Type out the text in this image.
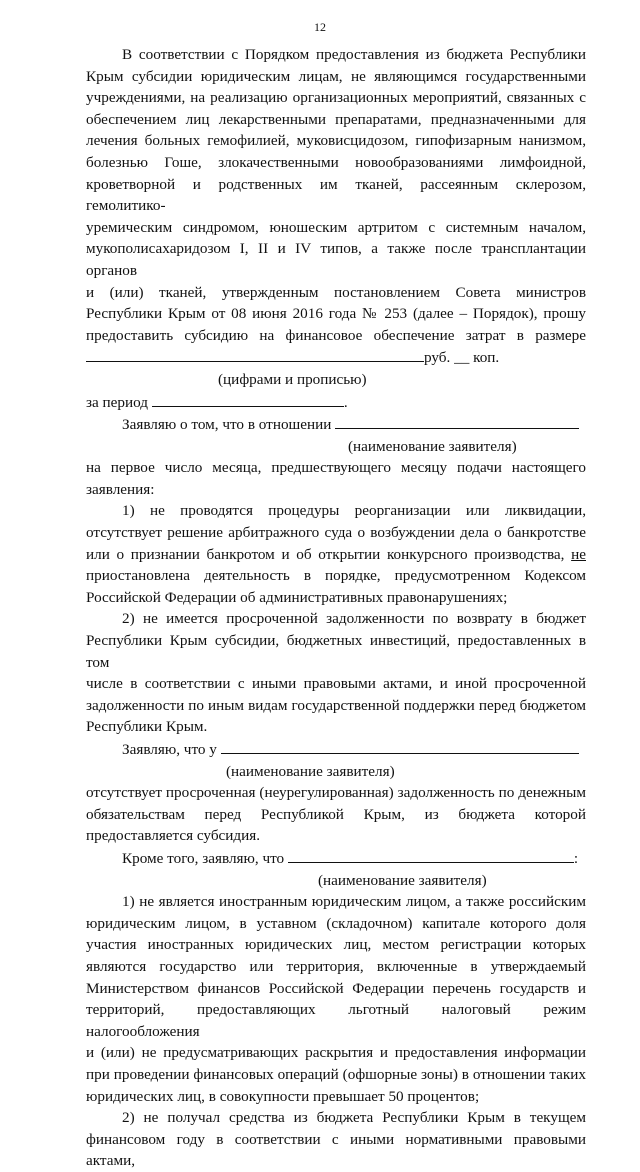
12
В соответствии с Порядком предоставления из бюджета Республики
Крым субсидии юридическим лицам, не являющимся государственными
учреждениями, на реализацию организационных мероприятий, связанных с
обеспечением лиц лекарственными препаратами, предназначенными для
лечения больных гемофилией, муковисцидозом, гипофизарным нанизмом,
болезнью Гоше, злокачественными новообразованиями лимфоидной,
кроветворной и родственных им тканей, рассеянным склерозом, гемолитико-
уремическим синдромом, юношеским артритом с системным началом,
мукополисахаридозом I, II и IV типов, а также после трансплантации органов
и (или) тканей, утвержденным постановлением Совета министров
Республики Крым от 08 июня 2016 года № 253 (далее – Порядок), прошу
предоставить субсидию на финансовое обеспечение затрат в размере
руб. __ коп.
(цифрами и прописью)
за период	.
Заявляю о том, что в отношении
(наименование заявителя)
на первое число месяца, предшествующего месяцу подачи настоящего
заявления:
1) не проводятся процедуры реорганизации или ликвидации,
отсутствует решение арбитражного суда о возбуждении дела о банкротстве
или о признании банкротом и об открытии конкурсного производства, не
приостановлена деятельность в порядке, предусмотренном Кодексом
Российской Федерации об административных правонарушениях;
2) не имеется просроченной задолженности по возврату в бюджет
Республики Крым субсидии, бюджетных инвестиций, предоставленных в том
числе в соответствии с иными правовыми актами, и иной просроченной
задолженности по иным видам государственной поддержки перед бюджетом
Республики Крым.
Заявляю, что у
(наименование заявителя)
отсутствует просроченная (неурегулированная) задолженность по денежным
обязательствам перед Республикой Крым, из бюджета которой
предоставляется субсидия.
Кроме того, заявляю, что	:
(наименование заявителя)
1) не является иностранным юридическим лицом, а также российским
юридическим лицом, в уставном (складочном) капитале которого доля
участия иностранных юридических лиц, местом регистрации которых
являются государство или территория, включенные в утверждаемый
Министерством финансов Российской Федерации перечень государств и
территорий, предоставляющих льготный налоговый режим налогообложения
и (или) не предусматривающих раскрытия и предоставления информации
при проведении финансовых операций (офшорные зоны) в отношении таких
юридических лиц, в совокупности превышает 50 процентов;
2) не получал средства из бюджета Республики Крым в текущем
финансовом году в соответствии с иными нормативными правовыми актами,
